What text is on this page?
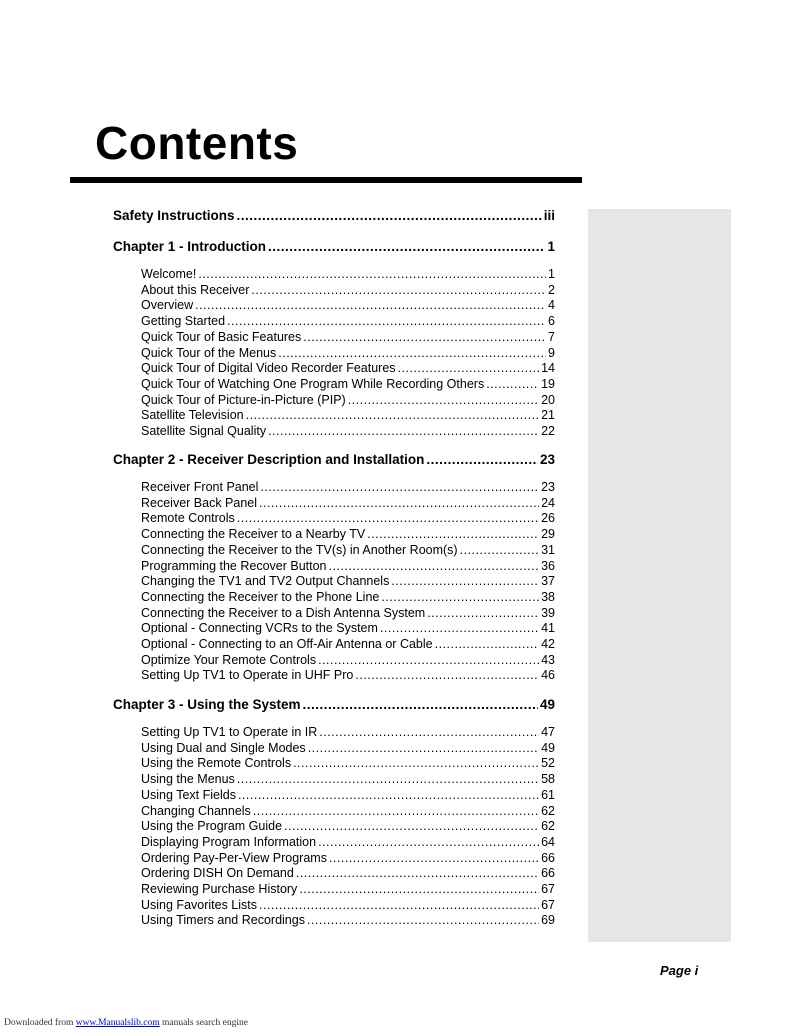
Contents
Safety Instructions .....	iii
Chapter 1 - Introduction .....	1
Welcome! .....	1
About this Receiver .....	2
Overview .....	4
Getting Started .....	6
Quick Tour of Basic Features .....	7
Quick Tour of the Menus .....	9
Quick Tour of Digital Video Recorder Features .....	14
Quick Tour of Watching One Program While Recording Others .....	19
Quick Tour of Picture-in-Picture (PIP) .....	20
Satellite Television .....	21
Satellite Signal Quality .....	22
Chapter 2 - Receiver Description and Installation .....	23
Receiver Front Panel .....	23
Receiver Back Panel .....	24
Remote Controls .....	26
Connecting the Receiver to a Nearby TV .....	29
Connecting the Receiver to the TV(s) in Another Room(s) .....	31
Programming the Recover Button .....	36
Changing the TV1 and TV2 Output Channels .....	37
Connecting the Receiver to the Phone Line .....	38
Connecting the Receiver to a Dish Antenna System .....	39
Optional - Connecting VCRs to the System .....	41
Optional - Connecting to an Off-Air Antenna or Cable .....	42
Optimize Your Remote Controls .....	43
Setting Up TV1 to Operate in UHF Pro .....	46
Chapter 3 - Using the System .....	49
Setting Up TV1 to Operate in IR .....	47
Using Dual and Single Modes .....	49
Using the Remote Controls .....	52
Using the Menus .....	58
Using Text Fields .....	61
Changing Channels .....	62
Using the Program Guide .....	62
Displaying Program Information .....	64
Ordering Pay-Per-View Programs .....	66
Ordering DISH On Demand .....	66
Reviewing Purchase History .....	67
Using Favorites Lists .....	67
Using Timers and Recordings .....	69
Page i
Downloaded from www.Manualslib.com manuals search engine
